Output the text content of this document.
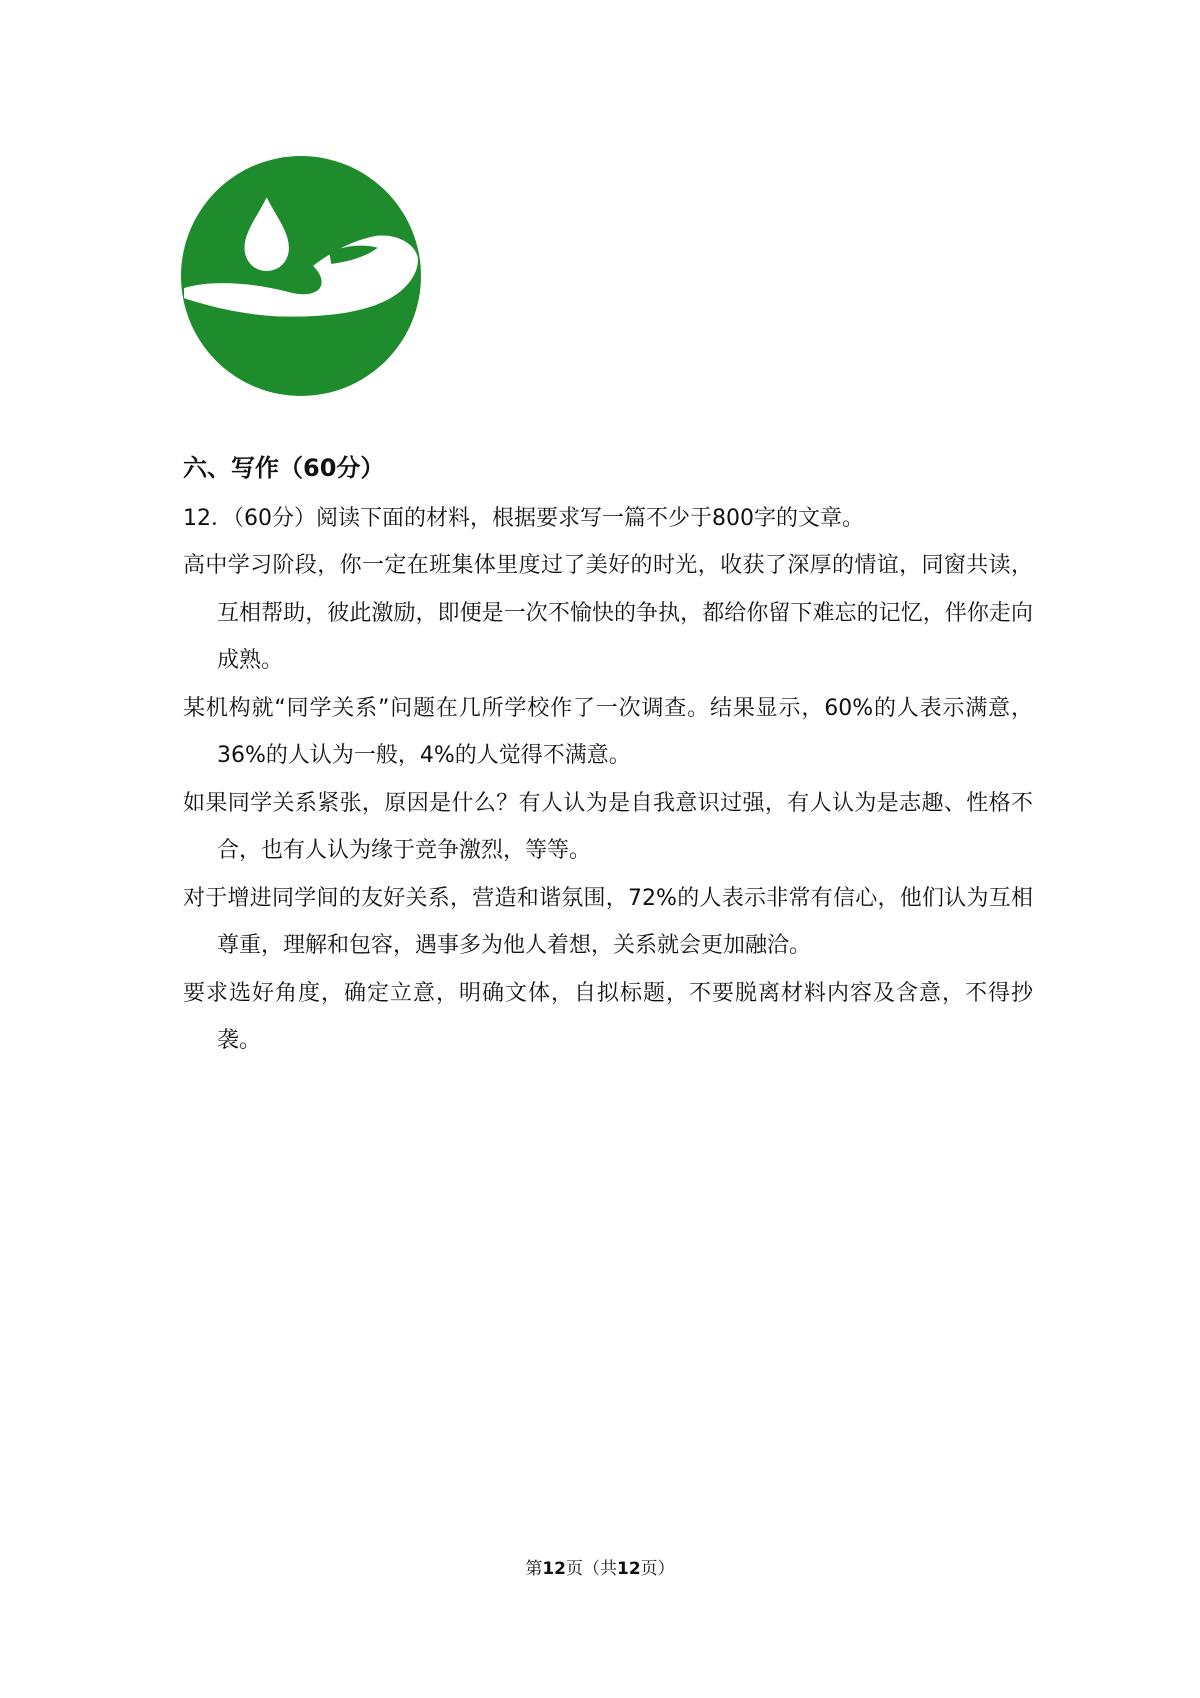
六、写作（60分）
12．（60分）阅读下面的材料，根据要求写一篇不少于800字的文章。
高中学习阶段，你一定在班集体里度过了美好的时光，收获了深厚的情谊，同窗共读，互相帮助，彼此激励，即便是一次不愉快的争执，都给你留下难忘的记忆，伴你走向成熟。
某机构就“同学关系”问题在几所学校作了一次调查。结果显示，60%的人表示满意，36%的人认为一般，4%的人觉得不满意。
如果同学关系紧张，原因是什么？有人认为是自我意识过强，有人认为是志趣、性格不合，也有人认为缘于竞争激烈，等等。
对于增进同学间的友好关系，营造和谐氛围，72%的人表示非常有信心，他们认为互相尊重，理解和包容，遇事多为他人着想，关系就会更加融洽。
要求选好角度，确定立意，明确文体，自拟标题，不要脱离材料内容及含意，不得抄袭。
第12页（共12页）
